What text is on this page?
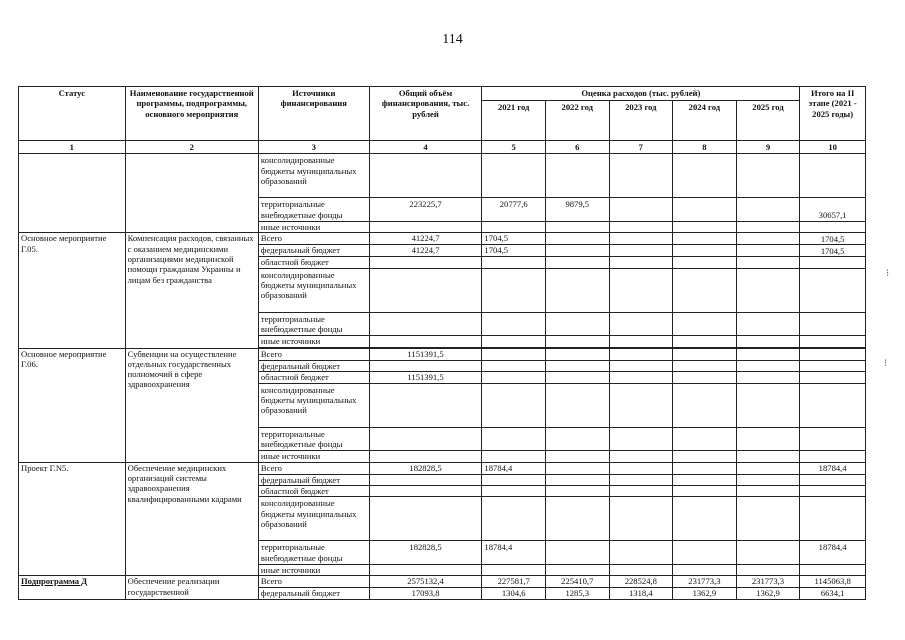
114
Статус	Наименование государственной программы, подпрограммы, основного мероприятия	Источники финансирования	Общий объём финансирования, тыс. рублей	Оценка расходов (тыс. рублей)					Итого на II этапе (2021 - 2025 годы)
				2021 год	2022 год	2023 год	2024 год	2025 год	
1	2	3	4	5	6	7	8	9	10
		консолидированные бюджеты муниципальных образований							
		территориальные внебюджетные фонды	223225,7	20777,6	9879,5				30657,1
		иные источники							
Основное мероприятие Г.05.	Компенсация расходов, связанных с оказанием медицинскими организациями медицинской помощи гражданам Украины и лицам без гражданства	Всего	41224,7	1704,5					1704,5
		федеральный бюджет	41224,7	1704,5					1704,5
		областной бюджет							
		консолидированные бюджеты муниципальных образований							
		территориальные внебюджетные фонды							
		иные источники							

Основное мероприятие Г.06.	Субвенции на осуществление отдельных государственных полномочий в сфере здравоохранения	Всего	1151391,5						
		федеральный бюджет							
		областной бюджет	1151391,5						
		консолидированные бюджеты муниципальных образований							
		территориальные внебюджетные фонды							
		иные источники							
Проект Г.N5.	Обеспечение медицинских организаций системы здравоохранения квалифицированными кадрами	Всего	182828,5	18784,4					18784,4
		федеральный бюджет							
		областной бюджет							
		консолидированные бюджеты муниципальных образований							
		территориальные внебюджетные фонды	182828,5	18784,4					18784,4
		иные источники							
Подпрограмма Д	Обеспечение реализации государственной	Всего	2575132,4	227581,7	225410,7	228524,8	231773,3	231773,3	1145063,8
		федеральный бюджет	17093,8	1304,6	1285,3	1318,4	1362,9	1362,9	6634,1
⁝
⁝
